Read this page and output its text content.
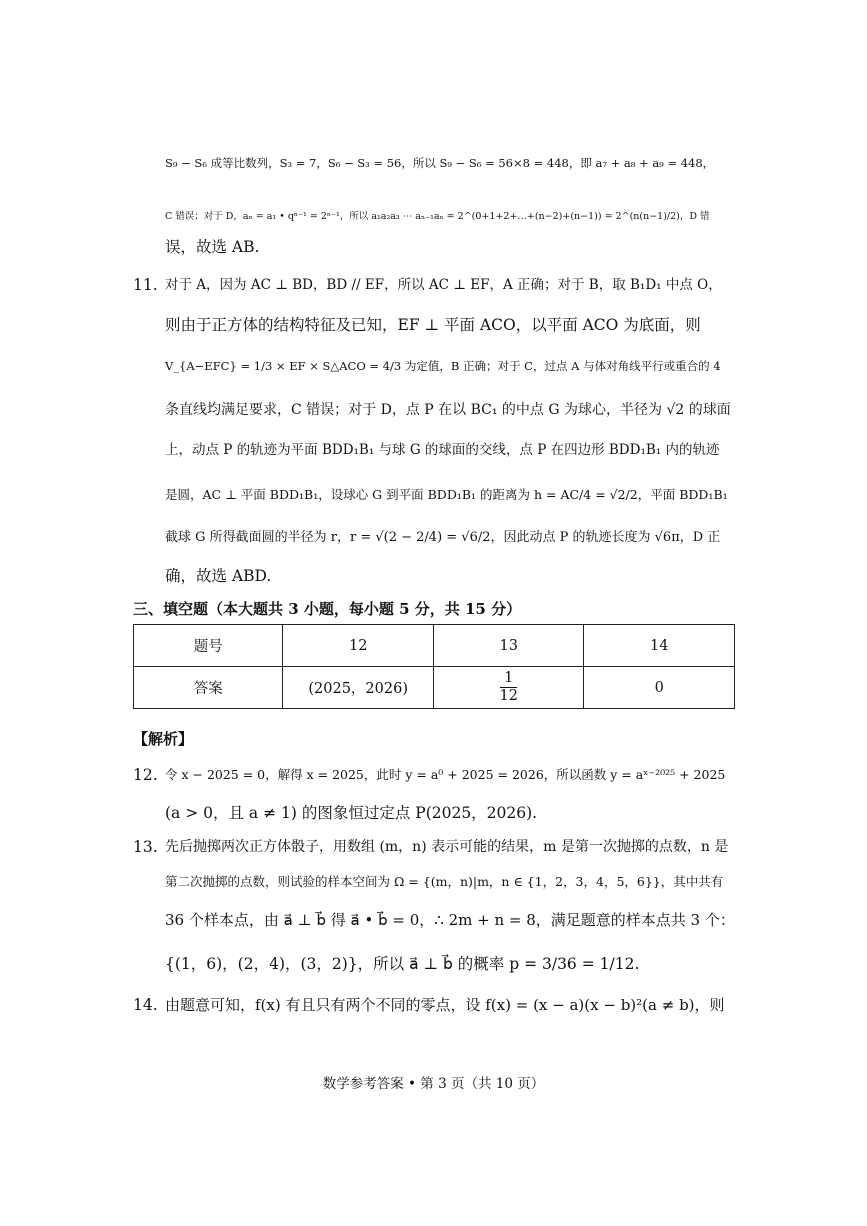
S₉ − S₆ 成等比数列，S₃ = 7，S₆ − S₃ = 56，所以 S₉ − S₆ = 56×8 = 448，即 a₇ + a₈ + a₉ = 448，
C 错误；对于 D，aₙ = a₁ • qⁿ⁻¹ = 2ⁿ⁻¹，所以 a₁a₂a₃ ⋯ aₙ₋₁aₙ = 2^(0+1+2+…+(n−2)+(n−1)) = 2^(n(n−1)/2)，D 错
误，故选 AB.
11. 对于 A，因为 AC ⊥ BD，BD // EF，所以 AC ⊥ EF，A 正确；对于 B，取 B₁D₁ 中点 O，
则由于正方体的结构特征及已知，EF ⊥ 平面 ACO，以平面 ACO 为底面，则
V_{A−EFC} = 1/3 × EF × S△ACO = 4/3 为定值，B 正确；对于 C，过点 A 与体对角线平行或重合的 4
条直线均满足要求，C 错误；对于 D，点 P 在以 BC₁ 的中点 G 为球心，半径为 √2 的球面
上，动点 P 的轨迹为平面 BDD₁B₁ 与球 G 的球面的交线，点 P 在四边形 BDD₁B₁ 内的轨迹
是圆，AC ⊥ 平面 BDD₁B₁，设球心 G 到平面 BDD₁B₁ 的距离为 h = AC/4 = √2/2，平面 BDD₁B₁
截球 G 所得截面圆的半径为 r，r = √(2 − 2/4) = √6/2，因此动点 P 的轨迹长度为 √6π，D 正
确，故选 ABD.
三、填空题（本大题共 3 小题，每小题 5 分，共 15 分）
题号	12	13	14
答案	(2025，2026)	$\frac{1}{12}$	0
【解析】
12. 令 x − 2025 = 0，解得 x = 2025，此时 y = a⁰ + 2025 = 2026，所以函数 y = aˣ⁻²⁰²⁵ + 2025
(a > 0，且 a ≠ 1) 的图象恒过定点 P(2025，2026).
13. 先后抛掷两次正方体骰子，用数组 (m，n) 表示可能的结果，m 是第一次抛掷的点数，n 是
第二次抛掷的点数，则试验的样本空间为 Ω = {(m，n)|m，n ∈ {1，2，3，4，5，6}}，其中共有
36 个样本点，由 a⃗ ⊥ b⃗ 得 a⃗ • b⃗ = 0，∴ 2m + n = 8，满足题意的样本点共 3 个：
{(1，6)，(2，4)，(3，2)}，所以 a⃗ ⊥ b⃗ 的概率 p = 3/36 = 1/12.
14. 由题意可知，f(x) 有且只有两个不同的零点，设 f(x) = (x − a)(x − b)²(a ≠ b)，则
数学参考答案 • 第 3 页（共 10 页）
